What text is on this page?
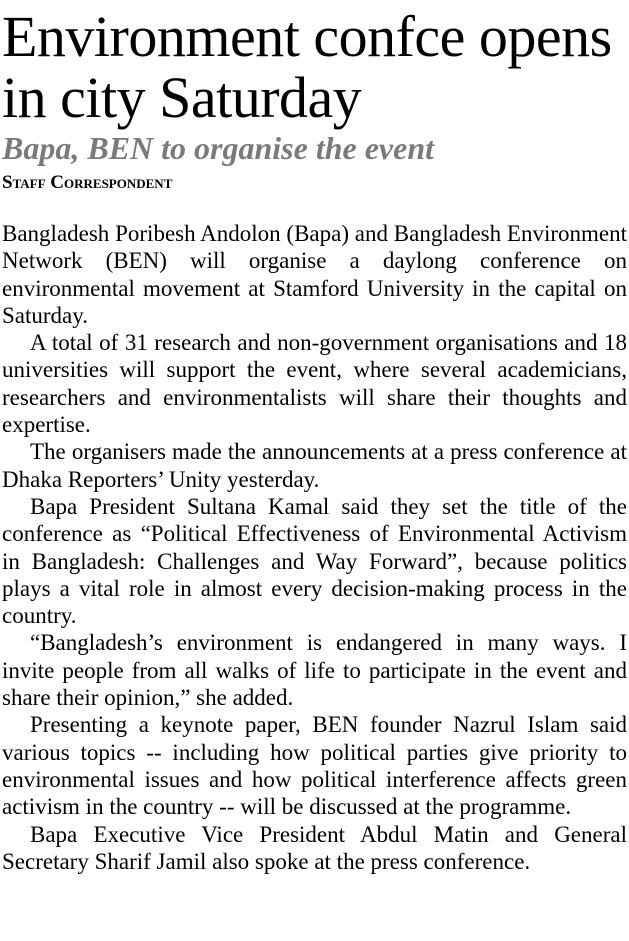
Environment confce opens in city Saturday
Bapa, BEN to organise the event
Staff Correspondent

Bangladesh Poribesh Andolon (Bapa) and Bangladesh Environment Network (BEN) will organise a daylong conference on environmental movement at Stamford University in the capital on Saturday.

A total of 31 research and non-government organisations and 18 universities will support the event, where several academicians, researchers and environmentalists will share their thoughts and expertise.

The organisers made the announcements at a press conference at Dhaka Reporters’ Unity yesterday.

Bapa President Sultana Kamal said they set the title of the conference as “Political Effectiveness of Environmental Activism in Bangladesh: Challenges and Way Forward”, because politics plays a vital role in almost every decision-making process in the country.

“Bangladesh’s environment is endangered in many ways. I invite people from all walks of life to participate in the event and share their opinion,” she added.

Presenting a keynote paper, BEN founder Nazrul Islam said various topics -- including how political parties give priority to environmental issues and how political interference affects green activism in the country -- will be discussed at the programme.

Bapa Executive Vice President Abdul Matin and General Secretary Sharif Jamil also spoke at the press conference.
